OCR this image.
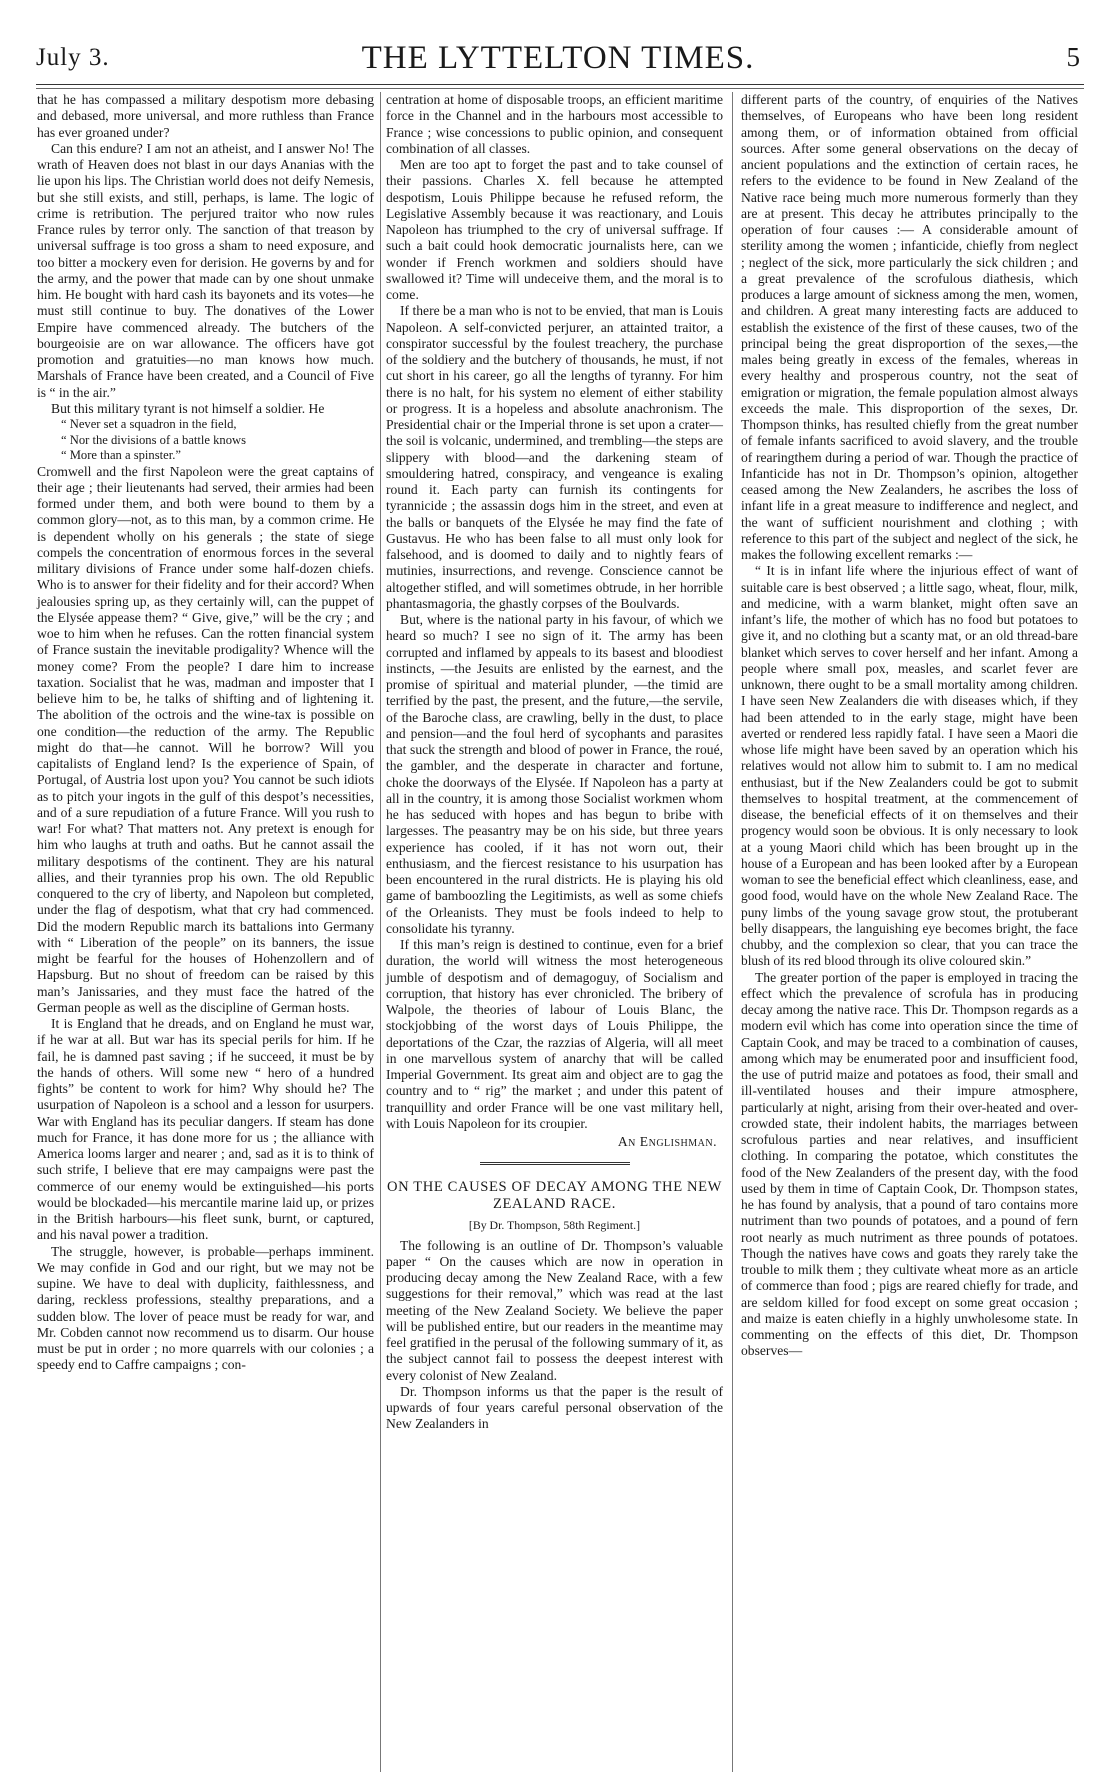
July 3.	THE LYTTELTON TIMES.	5

that he has compassed a military despotism more debasing and debased, more universal, and more ruthless than France has ever groaned under?

Can this endure? I am not an atheist, and I answer No! The wrath of Heaven does not blast in our days Ananias with the lie upon his lips. The Christian world does not deify Nemesis, but she still exists, and still, perhaps, is lame. The logic of crime is retribution. The perjured traitor who now rules France rules by terror only. The sanction of that treason by universal suffrage is too gross a sham to need exposure, and too bitter a mockery even for derision. He governs by and for the army, and the power that made can by one shout unmake him. He bought with hard cash its bayonets and its votes—he must still continue to buy. The donatives of the Lower Empire have commenced already. The butchers of the bourgeoisie are on war allowance. The officers have got promotion and gratuities—no man knows how much. Marshals of France have been created, and a Council of Five is “ in the air.”

But this military tyrant is not himself a soldier. He

“ Never set a squadron in the field,
“ Nor the divisions of a battle knows
“ More than a spinster.”

Cromwell and the first Napoleon were the great captains of their age ; their lieutenants had served, their armies had been formed under them, and both were bound to them by a common glory—not, as to this man, by a common crime. He is dependent wholly on his generals ; the state of siege compels the concentration of enormous forces in the several military divisions of France under some half-dozen chiefs. Who is to answer for their fidelity and for their accord? When jealousies spring up, as they certainly will, can the puppet of the Elysée appease them? “ Give, give,” will be the cry ; and woe to him when he refuses. Can the rotten financial system of France sustain the inevitable prodigality? Whence will the money come? From the people? I dare him to increase taxation. Socialist that he was, madman and imposter that I believe him to be, he talks of shifting and of lightening it. The abolition of the octrois and the wine-tax is possible on one condition—the reduction of the army. The Republic might do that—he cannot. Will he borrow? Will you capitalists of England lend? Is the experience of Spain, of Portugal, of Austria lost upon you? You cannot be such idiots as to pitch your ingots in the gulf of this despot’s necessities, and of a sure repudiation of a future France. Will you rush to war! For what? That matters not. Any pretext is enough for him who laughs at truth and oaths. But he cannot assail the military despotisms of the continent. They are his natural allies, and their tyrannies prop his own. The old Republic conquered to the cry of liberty, and Napoleon but completed, under the flag of despotism, what that cry had commenced. Did the modern Republic march its battalions into Germany with “ Liberation of the people” on its banners, the issue might be fearful for the houses of Hohenzollern and of Hapsburg. But no shout of freedom can be raised by this man’s Janissaries, and they must face the hatred of the German people as well as the discipline of German hosts.

It is England that he dreads, and on England he must war, if he war at all. But war has its special perils for him. If he fail, he is damned past saving ; if he succeed, it must be by the hands of others. Will some new “ hero of a hundred fights” be content to work for him? Why should he? The usurpation of Napoleon is a school and a lesson for usurpers. War with England has its peculiar dangers. If steam has done much for France, it has done more for us ; the alliance with America looms larger and nearer ; and, sad as it is to think of such strife, I believe that ere may campaigns were past the commerce of our enemy would be extinguished—his ports would be blockaded—his mercantile marine laid up, or prizes in the British harbours—his fleet sunk, burnt, or captured, and his naval power a tradition.

The struggle, however, is probable—perhaps imminent. We may confide in God and our right, but we may not be supine. We have to deal with duplicity, faithlessness, and daring, reckless professions, stealthy preparations, and a sudden blow. The lover of peace must be ready for war, and Mr. Cobden cannot now recommend us to disarm. Our house must be put in order ; no more quarrels with our colonies ; a speedy end to Caffre campaigns ; con-

centration at home of disposable troops, an efficient maritime force in the Channel and in the harbours most accessible to France ; wise concessions to public opinion, and consequent combination of all classes.

Men are too apt to forget the past and to take counsel of their passions. Charles X. fell because he attempted despotism, Louis Philippe because he refused reform, the Legislative Assembly because it was reactionary, and Louis Napoleon has triumphed to the cry of universal suffrage. If such a bait could hook democratic journalists here, can we wonder if French workmen and soldiers should have swallowed it? Time will undeceive them, and the moral is to come.

If there be a man who is not to be envied, that man is Louis Napoleon. A self-convicted perjurer, an attainted traitor, a conspirator successful by the foulest treachery, the purchase of the soldiery and the butchery of thousands, he must, if not cut short in his career, go all the lengths of tyranny. For him there is no halt, for his system no element of either stability or progress. It is a hopeless and absolute anachronism. The Presidential chair or the Imperial throne is set upon a crater—the soil is volcanic, undermined, and trembling—the steps are slippery with blood—and the darkening steam of smouldering hatred, conspiracy, and vengeance is exaling round it. Each party can furnish its contingents for tyrannicide ; the assassin dogs him in the street, and even at the balls or banquets of the Elysée he may find the fate of Gustavus. He who has been false to all must only look for falsehood, and is doomed to daily and to nightly fears of mutinies, insurrections, and revenge. Conscience cannot be altogether stifled, and will sometimes obtrude, in her horrible phantasmagoria, the ghastly corpses of the Boulvards.

But, where is the national party in his favour, of which we heard so much? I see no sign of it. The army has been corrupted and inflamed by appeals to its basest and bloodiest instincts, —the Jesuits are enlisted by the earnest, and the promise of spiritual and material plunder, —the timid are terrified by the past, the present, and the future,—the servile, of the Baroche class, are crawling, belly in the dust, to place and pension—and the foul herd of sycophants and parasites that suck the strength and blood of power in France, the roué, the gambler, and the desperate in character and fortune, choke the doorways of the Elysée. If Napoleon has a party at all in the country, it is among those Socialist workmen whom he has seduced with hopes and has begun to bribe with largesses. The peasantry may be on his side, but three years experience has cooled, if it has not worn out, their enthusiasm, and the fiercest resistance to his usurpation has been encountered in the rural districts. He is playing his old game of bamboozling the Legitimists, as well as some chiefs of the Orleanists. They must be fools indeed to help to consolidate his tyranny.

If this man’s reign is destined to continue, even for a brief duration, the world will witness the most heterogeneous jumble of despotism and of demagoguy, of Socialism and corruption, that history has ever chronicled. The bribery of Walpole, the theories of labour of Louis Blanc, the stockjobbing of the worst days of Louis Philippe, the deportations of the Czar, the razzias of Algeria, will all meet in one marvellous system of anarchy that will be called Imperial Government. Its great aim and object are to gag the country and to “ rig” the market ; and under this patent of tranquillity and order France will be one vast military hell, with Louis Napoleon for its croupier.

An Englishman.

ON THE CAUSES OF DECAY AMONG THE NEW ZEALAND RACE.

[By Dr. Thompson, 58th Regiment.]

The following is an outline of Dr. Thompson’s valuable paper “ On the causes which are now in operation in producing decay among the New Zealand Race, with a few suggestions for their removal,” which was read at the last meeting of the New Zealand Society. We believe the paper will be published entire, but our readers in the meantime may feel gratified in the perusal of the following summary of it, as the subject cannot fail to possess the deepest interest with every colonist of New Zealand.

Dr. Thompson informs us that the paper is the result of upwards of four years careful personal observation of the New Zealanders in

different parts of the country, of enquiries of the Natives themselves, of Europeans who have been long resident among them, or of information obtained from official sources. After some general observations on the decay of ancient populations and the extinction of certain races, he refers to the evidence to be found in New Zealand of the Native race being much more numerous formerly than they are at present. This decay he attributes principally to the operation of four causes :— A considerable amount of sterility among the women ; infanticide, chiefly from neglect ; neglect of the sick, more particularly the sick children ; and a great prevalence of the scrofulous diathesis, which produces a large amount of sickness among the men, women, and children. A great many interesting facts are adduced to establish the existence of the first of these causes, two of the principal being the great disproportion of the sexes,—the males being greatly in excess of the females, whereas in every healthy and prosperous country, not the seat of emigration or migration, the female population almost always exceeds the male. This disproportion of the sexes, Dr. Thompson thinks, has resulted chiefly from the great number of female infants sacrificed to avoid slavery, and the trouble of rearingthem during a period of war. Though the practice of Infanticide has not in Dr. Thompson’s opinion, altogether ceased among the New Zealanders, he ascribes the loss of infant life in a great measure to indifference and neglect, and the want of sufficient nourishment and clothing ; with reference to this part of the subject and neglect of the sick, he makes the following excellent remarks :—

“ It is in infant life where the injurious effect of want of suitable care is best observed ; a little sago, wheat, flour, milk, and medicine, with a warm blanket, might often save an infant’s life, the mother of which has no food but potatoes to give it, and no clothing but a scanty mat, or an old thread-bare blanket which serves to cover herself and her infant. Among a people where small pox, measles, and scarlet fever are unknown, there ought to be a small mortality among children. I have seen New Zealanders die with diseases which, if they had been attended to in the early stage, might have been averted or rendered less rapidly fatal. I have seen a Maori die whose life might have been saved by an operation which his relatives would not allow him to submit to. I am no medical enthusiast, but if the New Zealanders could be got to submit themselves to hospital treatment, at the commencement of disease, the beneficial effects of it on themselves and their progency would soon be obvious. It is only necessary to look at a young Maori child which has been brought up in the house of a European and has been looked after by a European woman to see the beneficial effect which cleanliness, ease, and good food, would have on the whole New Zealand Race. The puny limbs of the young savage grow stout, the protuberant belly disappears, the languishing eye becomes bright, the face chubby, and the complexion so clear, that you can trace the blush of its red blood through its olive coloured skin.”

The greater portion of the paper is employed in tracing the effect which the prevalence of scrofula has in producing decay among the native race. This Dr. Thompson regards as a modern evil which has come into operation since the time of Captain Cook, and may be traced to a combination of causes, among which may be enumerated poor and insufficient food, the use of putrid maize and potatoes as food, their small and ill-ventilated houses and their impure atmosphere, particularly at night, arising from their over-heated and over-crowded state, their indolent habits, the marriages between scrofulous parties and near relatives, and insufficient clothing. In comparing the potatoe, which constitutes the food of the New Zealanders of the present day, with the food used by them in time of Captain Cook, Dr. Thompson states, he has found by analysis, that a pound of taro contains more nutriment than two pounds of potatoes, and a pound of fern root nearly as much nutriment as three pounds of potatoes. Though the natives have cows and goats they rarely take the trouble to milk them ; they cultivate wheat more as an article of commerce than food ; pigs are reared chiefly for trade, and are seldom killed for food except on some great occasion ; and maize is eaten chiefly in a highly unwholesome state. In commenting on the effects of this diet, Dr. Thompson observes—
